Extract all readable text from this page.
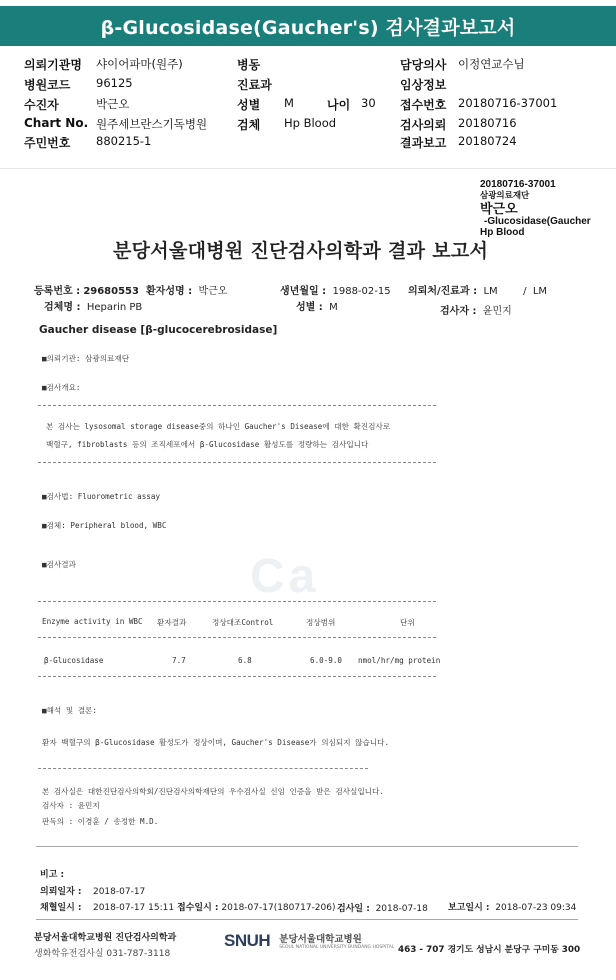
β-Glucosidase(Gaucher's) 검사결과보고서
의뢰기관명 샤이어파마(원주)
병원코드 96125
수진자	박근오
Chart No. 원주세브란스기독병원
주민번호 880215-1
병동
진료과
성별 M	나이 30
검체 Hp Blood
담당의사 이정연교수님
임상정보
접수번호 20180716-37001
검사의뢰 20180716
결과보고 20180724
Ca
20180716-37001
삼광의료재단
박근오
-Glucosidase(Gaucher
Hp Blood
분당서울대병원 진단검사의학과 결과 보고서
등록번호 : 29680553 환자성명 : 박근오	생년월일 : 1988-02-15 의뢰처/진료과 : LM	/ LM
검체명 : Heparin PB	성별 : M	검사자 : 윤민지
Gaucher disease [β-glucocerebrosidase]
■의뢰기관: 삼광의료재단
■검사개요:
본 검사는 lysosomal storage disease중의 하나인 Gaucher's Disease에 대한 확진검사로
백혈구, fibroblasts 등의 조직세포에서 β-Glucosidase 활성도를 정량하는 검사입니다
■검사법: Fluorometric assay
■검체: Peripheral blood, WBC
■검사결과
Enzyme activity in WBC 환자결과	정상대조Control	정상범위	단위
β-Glucosidase	7.7	6.8	6.0-9.0 nmol/hr/mg protein
■해석 및 결론:
환자 백혈구의 β-Glucosidase 활성도가 정상이며, Gaucher's Disease가 의심되지 않습니다.
본 검사실은 대한진단검사의학회/진단검사의학재단의 우수검사실 신임 인증을 받은 검사실입니다.
검사자 : 윤민지
판독의 : 이경훈 / 송정한 M.D.
비고 :
의뢰일자 : 2018-07-17
채혈일시 : 2018-07-17 15:11 접수일시 : 2018-07-17(180717-206) 검사일 : 2018-07-18 보고일시 : 2018-07-23 09:34
분당서울대학교병원 진단검사의학과
생화학유전검사실 031-787-3118
SNUH 분당서울대학교병원
SEOUL NATIONAL UNIVERSITY BUNDANG HOSPITAL 463 - 707 경기도 성남시 분당구 구미동 300
